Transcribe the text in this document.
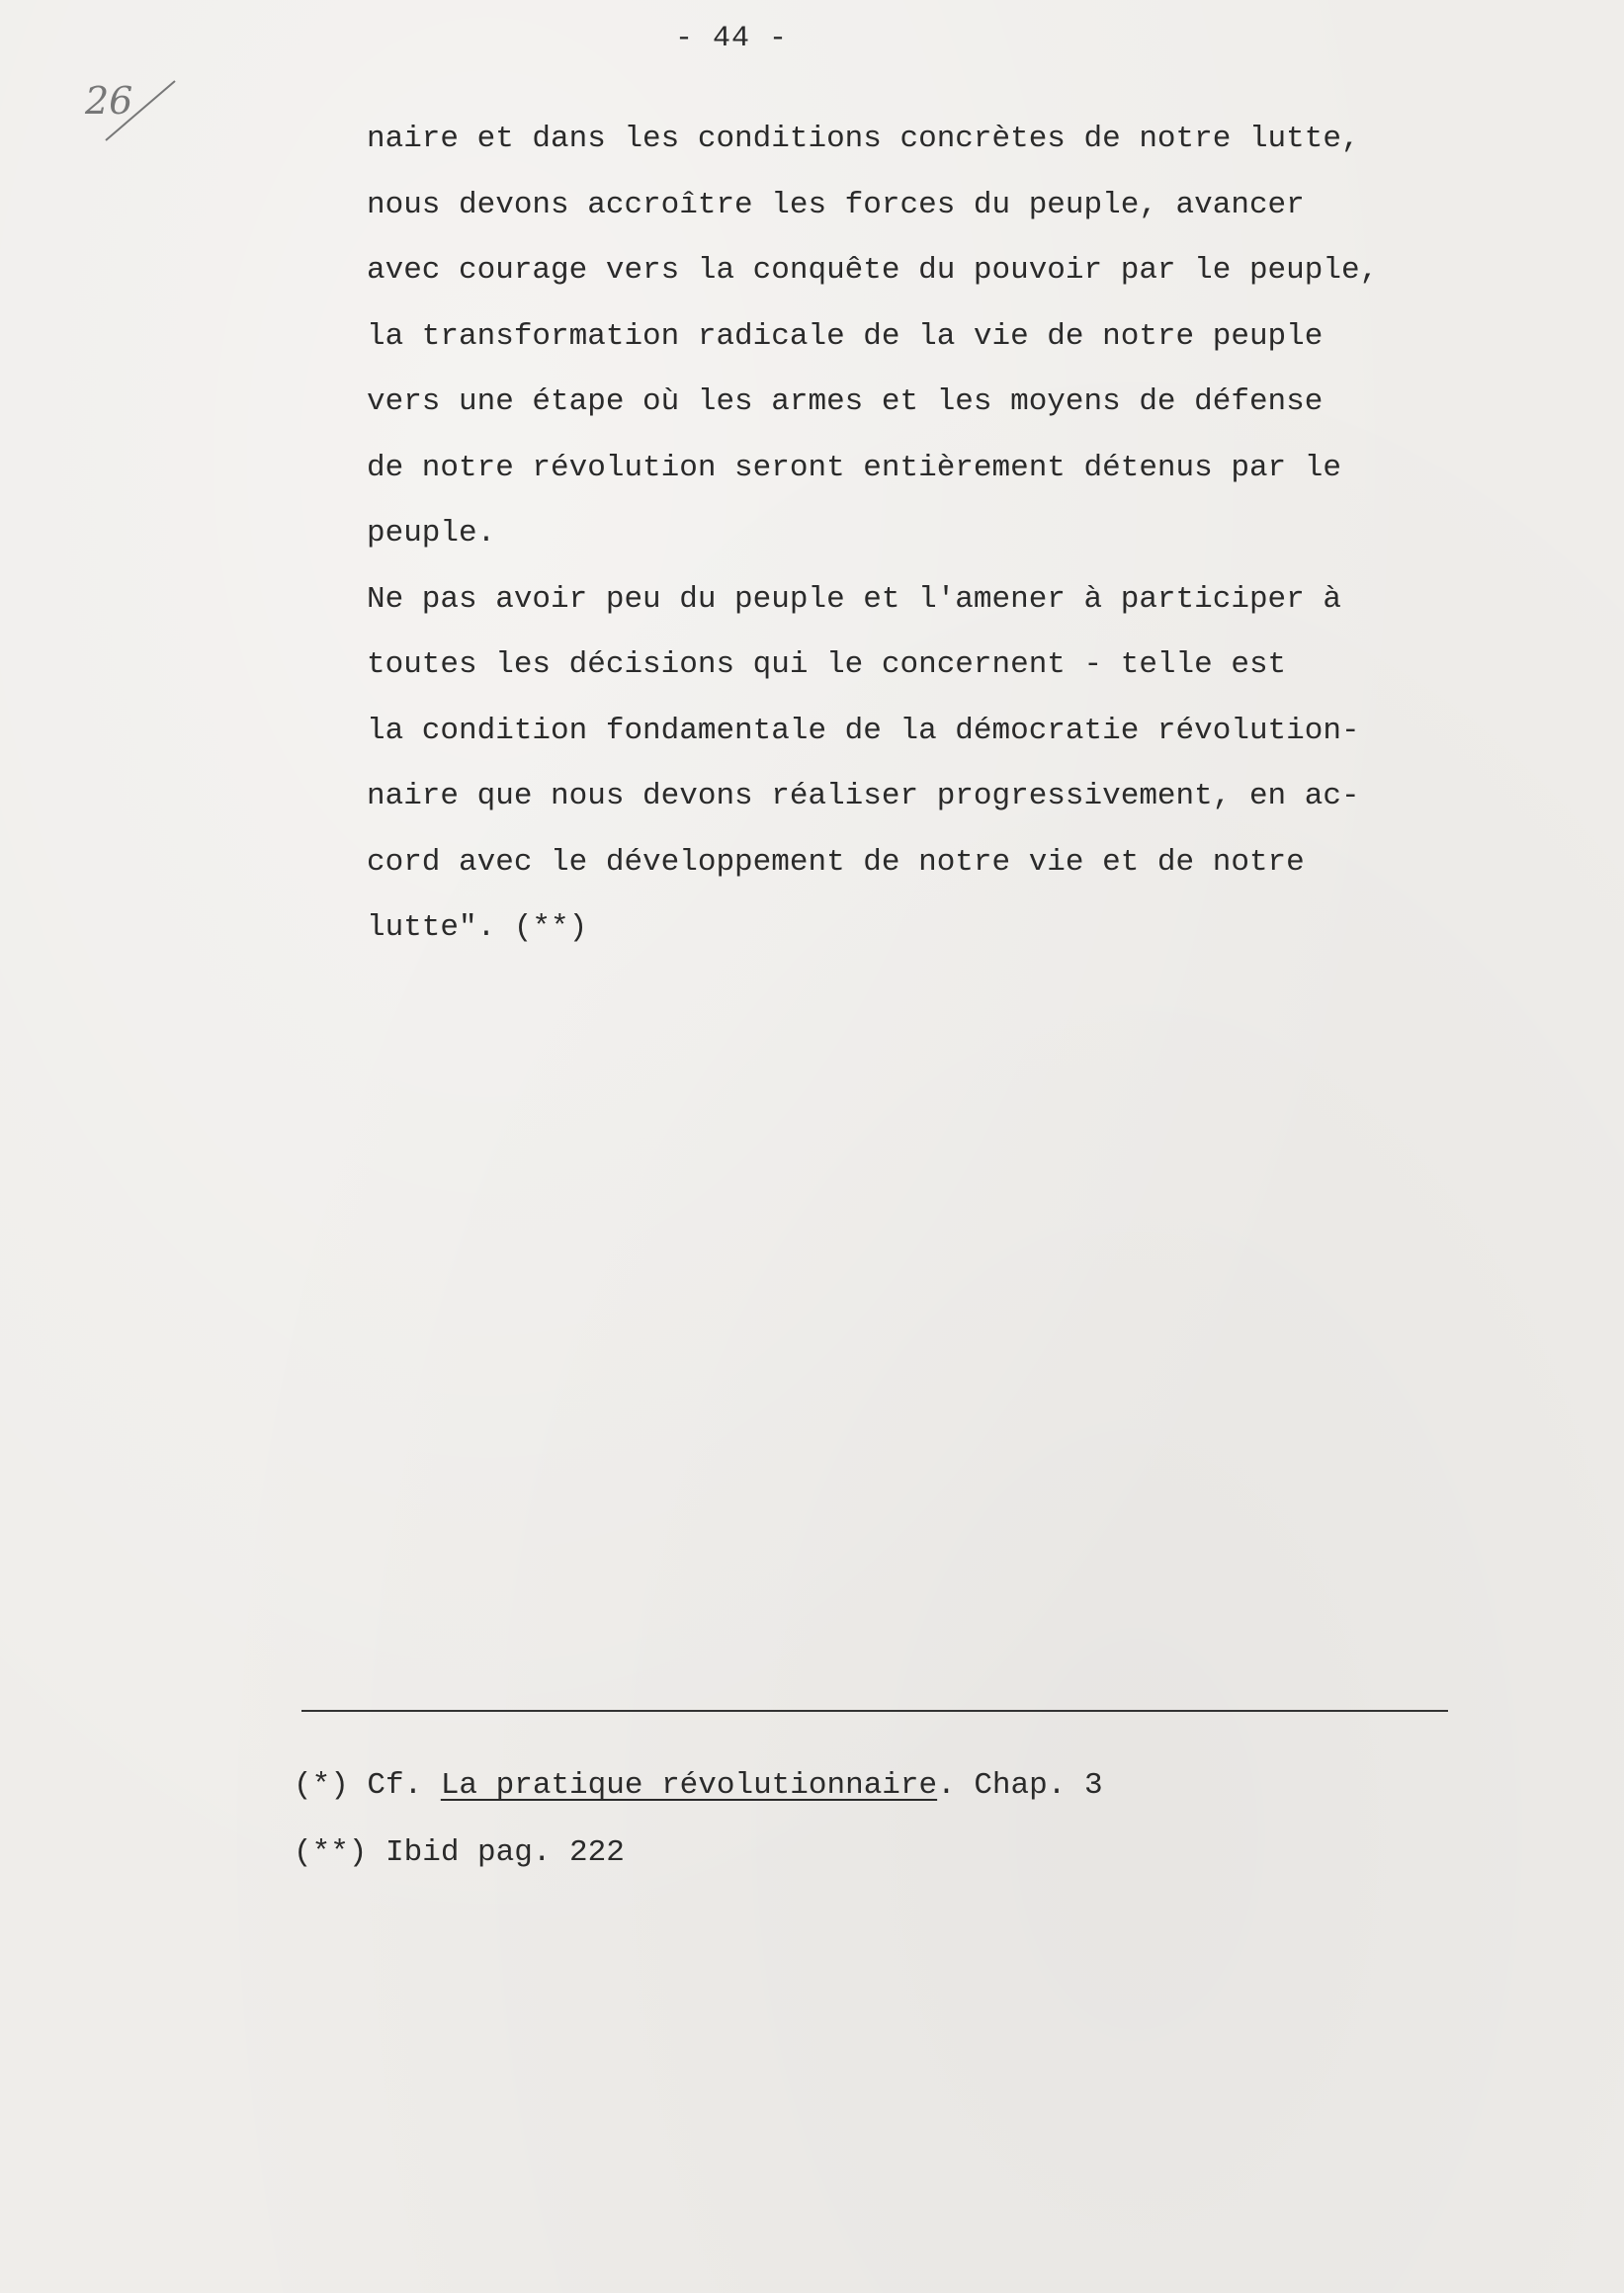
- 44 -
26
naire et dans les conditions concrètes de notre lutte,
nous devons accroître les forces du peuple, avancer
avec courage vers la conquête du pouvoir par le peuple,
la transformation radicale de la vie de notre peuple
vers une étape où les armes et les moyens de défense
de notre révolution seront entièrement détenus par le
peuple.
Ne pas avoir peu du peuple et l'amener à participer à
toutes les décisions qui le concernent - telle est
la condition fondamentale de la démocratie révolution-
naire que nous devons réaliser progressivement, en ac-
cord avec le développement de notre vie et de notre
lutte". (**)
(*) Cf. La pratique révolutionnaire. Chap. 3
(**) Ibid pag. 222
